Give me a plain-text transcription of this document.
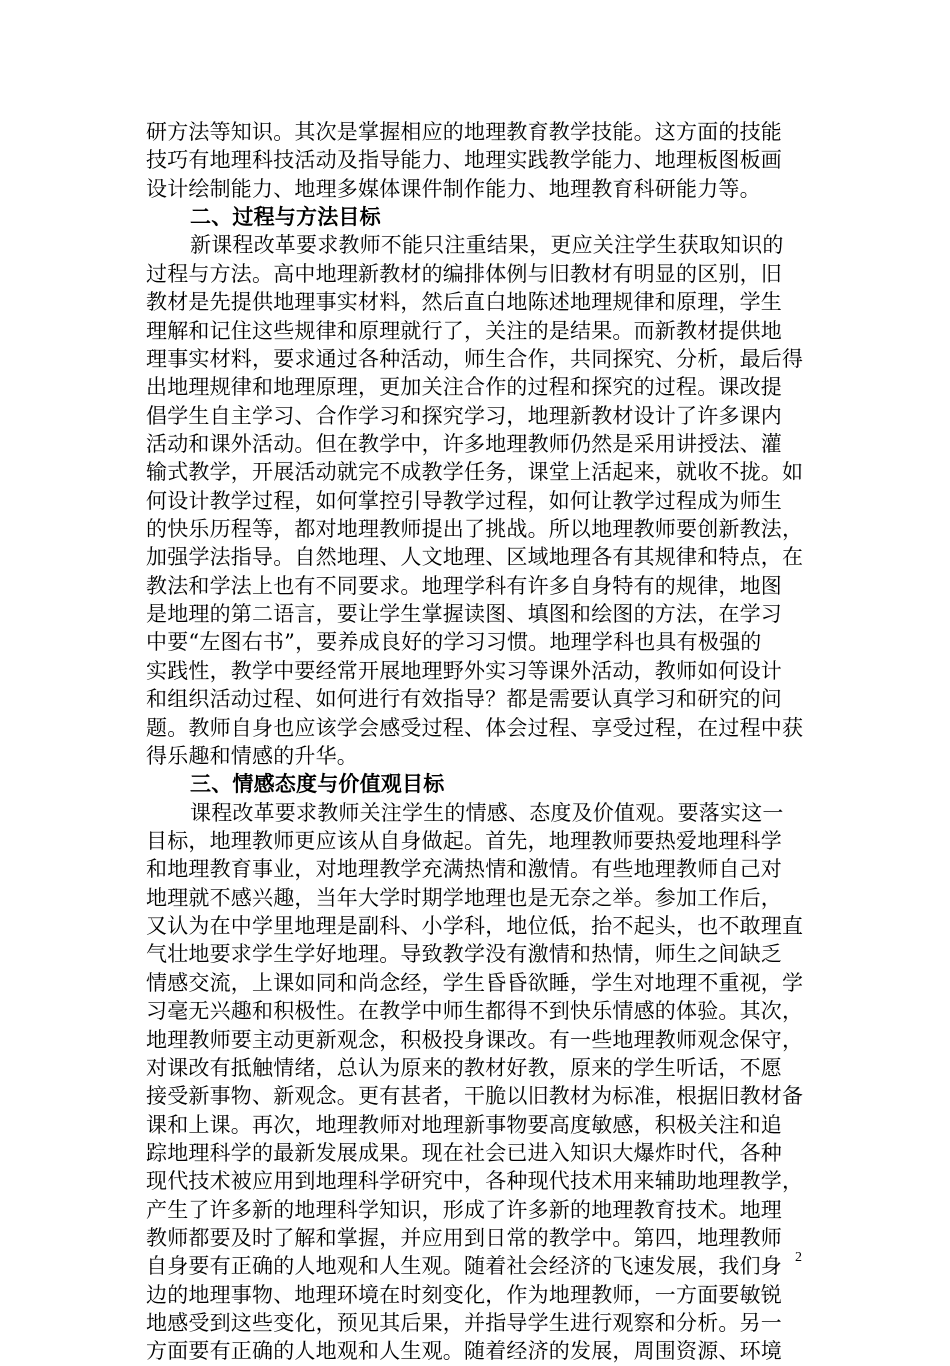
研方法等知识。其次是掌握相应的地理教育教学技能。这方面的技能
技巧有地理科技活动及指导能力、地理实践教学能力、地理板图板画
设计绘制能力、地理多媒体课件制作能力、地理教育科研能力等。
二、过程与方法目标
新课程改革要求教师不能只注重结果，更应关注学生获取知识的
过程与方法。高中地理新教材的编排体例与旧教材有明显的区别，旧
教材是先提供地理事实材料，然后直白地陈述地理规律和原理，学生
理解和记住这些规律和原理就行了，关注的是结果。而新教材提供地
理事实材料，要求通过各种活动，师生合作，共同探究、分析，最后得
出地理规律和地理原理，更加关注合作的过程和探究的过程。课改提
倡学生自主学习、合作学习和探究学习，地理新教材设计了许多课内
活动和课外活动。但在教学中，许多地理教师仍然是采用讲授法、灌
输式教学，开展活动就完不成教学任务，课堂上活起来，就收不拢。如
何设计教学过程，如何掌控引导教学过程，如何让教学过程成为师生
的快乐历程等，都对地理教师提出了挑战。所以地理教师要创新教法，
加强学法指导。自然地理、人文地理、区域地理各有其规律和特点，在
教法和学法上也有不同要求。地理学科有许多自身特有的规律，地图
是地理的第二语言，要让学生掌握读图、填图和绘图的方法，在学习
中要“左图右书”，要养成良好的学习习惯。地理学科也具有极强的
实践性，教学中要经常开展地理野外实习等课外活动，教师如何设计
和组织活动过程、如何进行有效指导？都是需要认真学习和研究的问
题。教师自身也应该学会感受过程、体会过程、享受过程，在过程中获
得乐趣和情感的升华。
三、情感态度与价值观目标
课程改革要求教师关注学生的情感、态度及价值观。要落实这一
目标，地理教师更应该从自身做起。首先，地理教师要热爱地理科学
和地理教育事业，对地理教学充满热情和激情。有些地理教师自己对
地理就不感兴趣，当年大学时期学地理也是无奈之举。参加工作后，
又认为在中学里地理是副科、小学科，地位低，抬不起头，也不敢理直
气壮地要求学生学好地理。导致教学没有激情和热情，师生之间缺乏
情感交流，上课如同和尚念经，学生昏昏欲睡，学生对地理不重视，学
习毫无兴趣和积极性。在教学中师生都得不到快乐情感的体验。其次，
地理教师要主动更新观念，积极投身课改。有一些地理教师观念保守，
对课改有抵触情绪，总认为原来的教材好教，原来的学生听话，不愿
接受新事物、新观念。更有甚者，干脆以旧教材为标准，根据旧教材备
课和上课。再次，地理教师对地理新事物要高度敏感，积极关注和追
踪地理科学的最新发展成果。现在社会已进入知识大爆炸时代，各种
现代技术被应用到地理科学研究中，各种现代技术用来辅助地理教学，
产生了许多新的地理科学知识，形成了许多新的地理教育技术。地理
教师都要及时了解和掌握，并应用到日常的教学中。第四，地理教师
自身要有正确的人地观和人生观。随着社会经济的飞速发展，我们身
边的地理事物、地理环境在时刻变化，作为地理教师，一方面要敏锐
地感受到这些变化，预见其后果，并指导学生进行观察和分析。另一
方面要有正确的人地观和人生观。随着经济的发展，周围资源、环境
2
